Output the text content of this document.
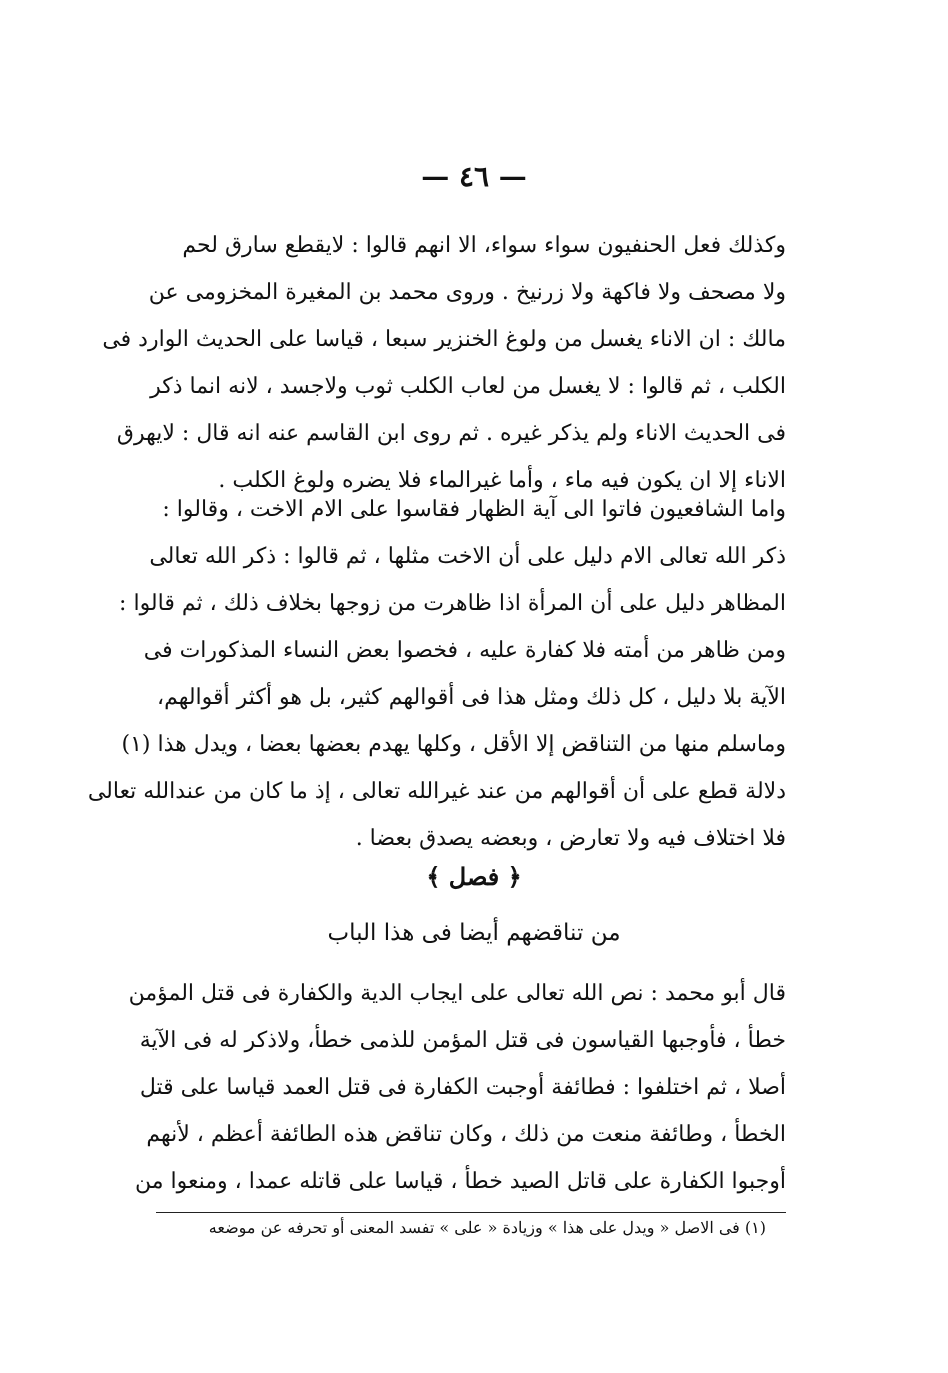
— ٤٦ —
وكذلك فعل الحنفيون سواء سواء، الا انهم قالوا : لايقطع سارق لحم
ولا مصحف ولا فاكهة ولا زرنيخ . وروى محمد بن المغيرة المخزومى عن
مالك : ان الاناء يغسل من ولوغ الخنزير سبعا ، قياسا على الحديث الوارد فى
الكلب ، ثم قالوا : لا يغسل من لعاب الكلب ثوب ولاجسد ، لانه انما ذكر
فى الحديث الاناء ولم يذكر غيره . ثم روى ابن القاسم عنه انه قال : لايهرق
الاناء إلا ان يكون فيه ماء ، وأما غيرالماء فلا يضره ولوغ الكلب .
واما الشافعيون فاتوا الى آية الظهار فقاسوا على الام الاخت ، وقالوا :
ذكر الله تعالى الام دليل على أن الاخت مثلها ، ثم قالوا : ذكر الله تعالى
المظاهر دليل على أن المرأة اذا ظاهرت من زوجها بخلاف ذلك ، ثم قالوا :
ومن ظاهر من أمته فلا كفارة عليه ، فخصوا بعض النساء المذكورات فى
الآية بلا دليل ، كل ذلك ومثل هذا فى أقوالهم كثير، بل هو أكثر أقوالهم،
وماسلم منها من التناقض إلا الأقل ، وكلها يهدم بعضها بعضا ، ويدل هذا (١)
دلالة قطع على أن أقوالهم من عند غيرالله تعالى ، إذ ما كان من عندالله تعالى
فلا اختلاف فيه ولا تعارض ، وبعضه يصدق بعضا .
﴿ فصل ﴾
من تناقضهم أيضا فى هذا الباب
قال أبو محمد : نص الله تعالى على ايجاب الدية والكفارة فى قتل المؤمن
خطأ ، فأوجبها القياسون فى قتل المؤمن للذمى خطأ، ولاذكر له فى الآية
أصلا ، ثم اختلفوا : فطائفة أوجبت الكفارة فى قتل العمد قياسا على قتل
الخطأ ، وطائفة منعت من ذلك ، وكان تناقض هذه الطائفة أعظم ، لأنهم
أوجبوا الكفارة على قاتل الصيد خطأ ، قياسا على قاتله عمدا ، ومنعوا من
(١) فى الاصل « ويدل على هذا » وزيادة « على » تفسد المعنى أو تحرفه عن موضعه
